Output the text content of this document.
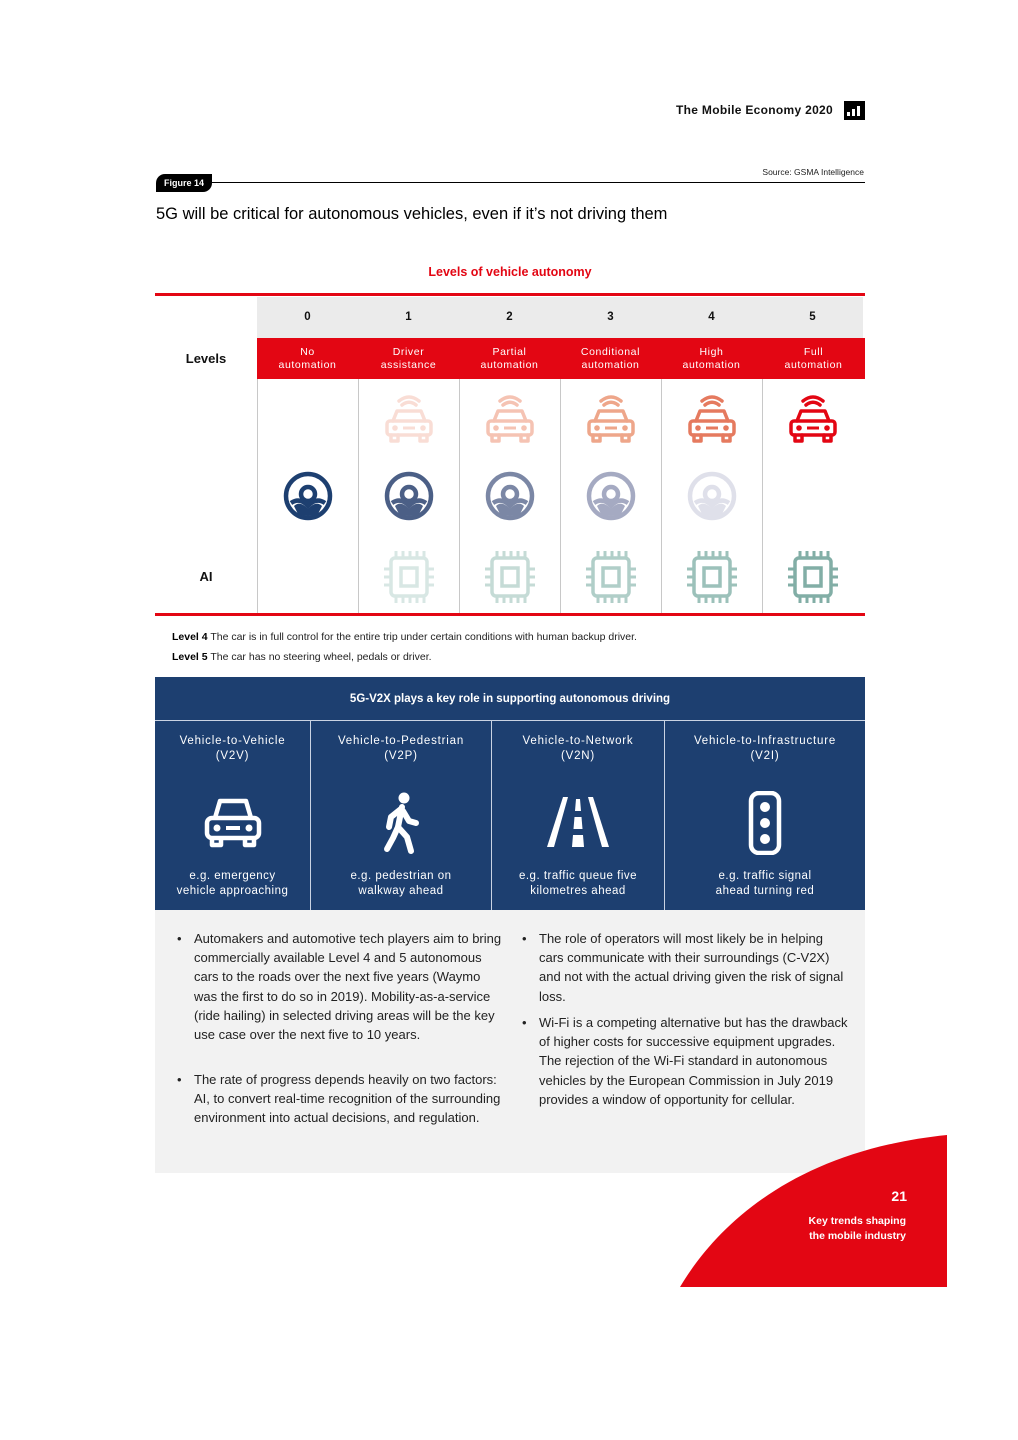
The Mobile Economy 2020
Source: GSMA Intelligence
Figure 14
5G will be critical for autonomous vehicles, even if it’s not driving them
Levels of vehicle autonomy
Levels
AI
0
No
automation
1
Driver
assistance
2
Partial
automation
3
Conditional
automation
4
High
automation
5
Full
automation
Level 4 The car is in full control for the entire trip under certain conditions with human backup driver.
Level 5 The car has no steering wheel, pedals or driver.
5G-V2X plays a key role in supporting autonomous driving
Vehicle-to-Vehicle
(V2V)
e.g. emergency
vehicle approaching
Vehicle-to-Pedestrian
(V2P)
e.g. pedestrian on
walkway ahead
Vehicle-to-Network
(V2N)
e.g. traffic queue five
kilometres ahead
Vehicle-to-Infrastructure
(V2I)
e.g. traffic signal
ahead turning red
• Automakers and automotive tech players aim to bring commercially available Level 4 and 5 autonomous cars to the roads over the next five years (Waymo was the first to do so in 2019). Mobility-as-a-service (ride hailing) in selected driving areas will be the key use case over the next five to 10 years.
• The rate of progress depends heavily on two factors: AI, to convert real-time recognition of the surrounding environment into actual decisions, and regulation.
• The role of operators will most likely be in helping cars communicate with their surroundings (C-V2X) and not with the actual driving given the risk of signal loss.
• Wi-Fi is a competing alternative but has the drawback of higher costs for successive equipment upgrades. The rejection of the Wi-Fi standard in autonomous vehicles by the European Commission in July 2019 provides a window of opportunity for cellular.
21
Key trends shaping
the mobile industry
